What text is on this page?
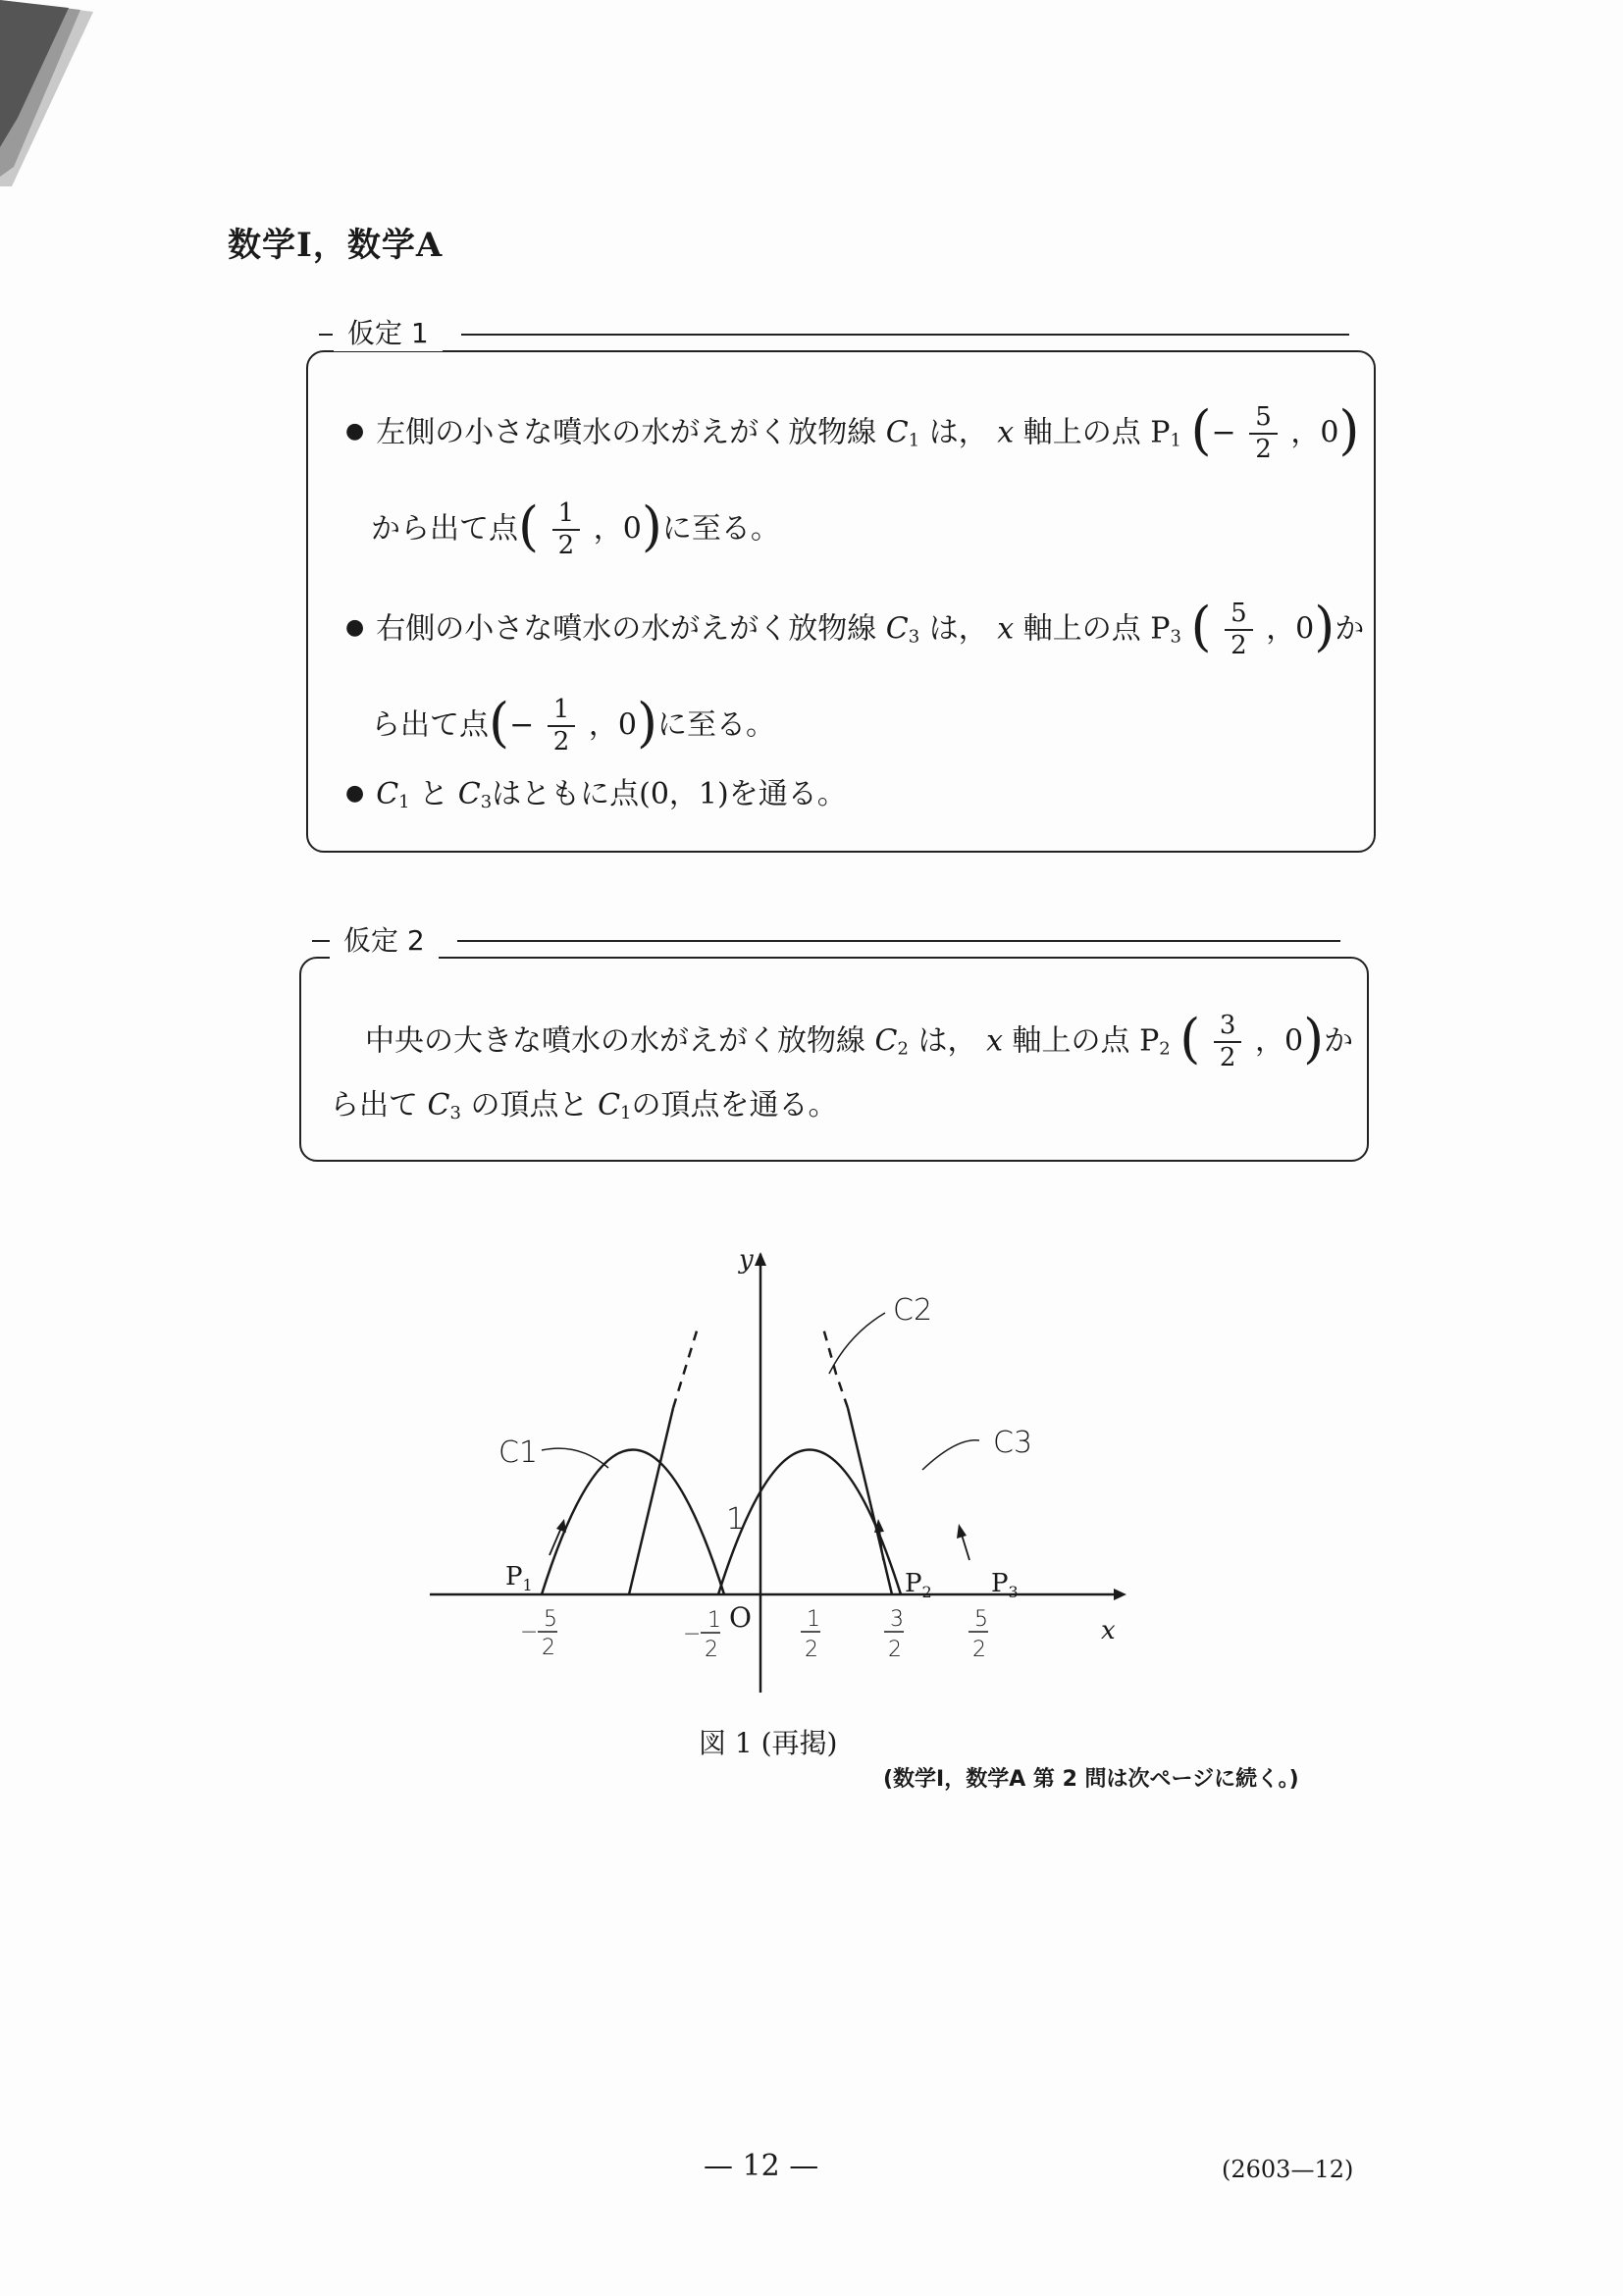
数学Ⅰ，数学A
仮定 1
● 左側の小さな噴水の水がえがく放物線 $C_1$ は， x 軸上の点 $P_1$ (− $\frac{5}{2}$ ，0)
から出て点( $\frac{1}{2}$ ，0)に至る。
● 右側の小さな噴水の水がえがく放物線 $C_3$ は， x 軸上の点 $P_3$ ( $\frac{5}{2}$ ，0)か
ら出て点(− $\frac{1}{2}$ ，0)に至る。
● $C_1$ と $C_3$はともに点(0，1)を通る。
仮定 2
中央の大きな噴水の水がえがく放物線 $C_2$ は， x 軸上の点 $P_2$ ( $\frac{3}{2}$ ，0)か
ら出て $C_3$ の頂点と $C_1$の頂点を通る。
y
x
O
1
C1
C2
C3
$P_1$	$P_2$ $P_3$
−
5
2
−
1
2
1
2
3
2
5
2
図 1 (再掲)
(数学Ⅰ，数学A 第 2 問は次ページに続く。)
— 12 —	(2603—12)
